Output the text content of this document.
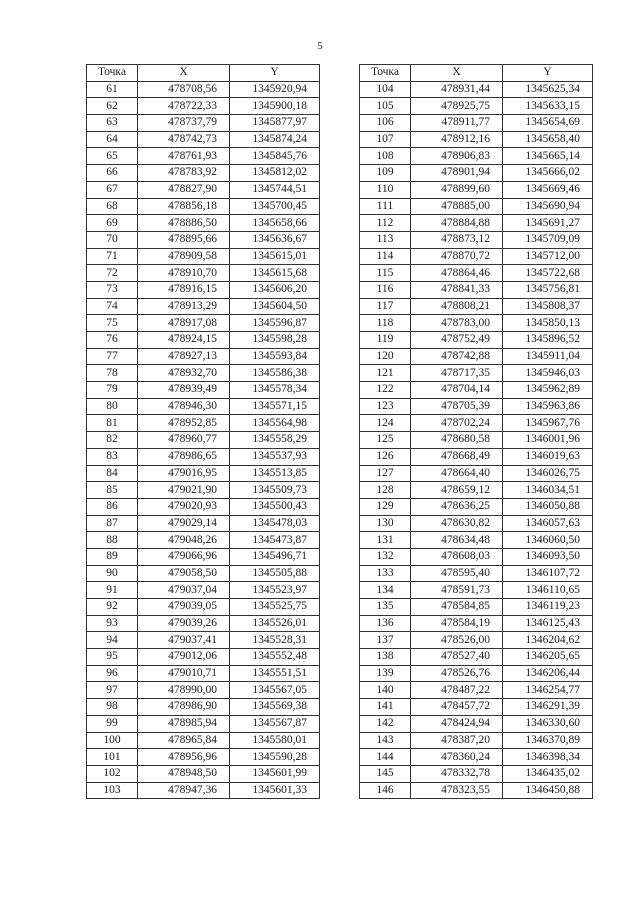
5
Точка	X	Y
61	478708,56	1345920,94
62	478722,33	1345900,18
63	478737,79	1345877,97
64	478742,73	1345874,24
65	478761,93	1345845,76
66	478783,92	1345812,02
67	478827,90	1345744,51
68	478856,18	1345700,45
69	478886,50	1345658,66
70	478895,66	1345636,67
71	478909,58	1345615,01
72	478910,70	1345615,68
73	478916,15	1345606,20
74	478913,29	1345604,50
75	478917,08	1345596,87
76	478924,15	1345598,28
77	478927,13	1345593,84
78	478932,70	1345586,38
79	478939,49	1345578,34
80	478946,30	1345571,15
81	478952,85	1345564,98
82	478960,77	1345558,29
83	478986,65	1345537,93
84	479016,95	1345513,85
85	479021,90	1345509,73
86	479020,93	1345500,43
87	479029,14	1345478,03
88	479048,26	1345473,87
89	479066,96	1345496,71
90	479058,50	1345505,88
91	479037,04	1345523,97
92	479039,05	1345525,75
93	479039,26	1345526,01
94	479037,41	1345528,31
95	479012,06	1345552,48
96	479010,71	1345551,51
97	478990,00	1345567,05
98	478986,90	1345569,38
99	478985,94	1345567,87
100	478965,84	1345580,01
101	478956,96	1345590,28
102	478948,50	1345601,99
103	478947,36	1345601,33
Точка	X	Y
104	478931,44	1345625,34
105	478925,75	1345633,15
106	478911,77	1345654,69
107	478912,16	1345658,40
108	478906,83	1345665,14
109	478901,94	1345666,02
110	478899,60	1345669,46
111	478885,00	1345690,94
112	478884,88	1345691,27
113	478873,12	1345709,09
114	478870,72	1345712,00
115	478864,46	1345722,68
116	478841,33	1345756,81
117	478808,21	1345808,37
118	478783,00	1345850,13
119	478752,49	1345896,52
120	478742,88	1345911,04
121	478717,35	1345946,03
122	478704,14	1345962,89
123	478705,39	1345963,86
124	478702,24	1345967,76
125	478680,58	1346001,96
126	478668,49	1346019,63
127	478664,40	1346026,75
128	478659,12	1346034,51
129	478636,25	1346050,88
130	478630,82	1346057,63
131	478634,48	1346060,50
132	478608,03	1346093,50
133	478595,40	1346107,72
134	478591,73	1346110,65
135	478584,85	1346119,23
136	478584,19	1346125,43
137	478526,00	1346204,62
138	478527,40	1346205,65
139	478526,76	1346206,44
140	478487,22	1346254,77
141	478457,72	1346291,39
142	478424,94	1346330,60
143	478387,20	1346370,89
144	478360,24	1346398,34
145	478332,78	1346435,02
146	478323,55	1346450,88
